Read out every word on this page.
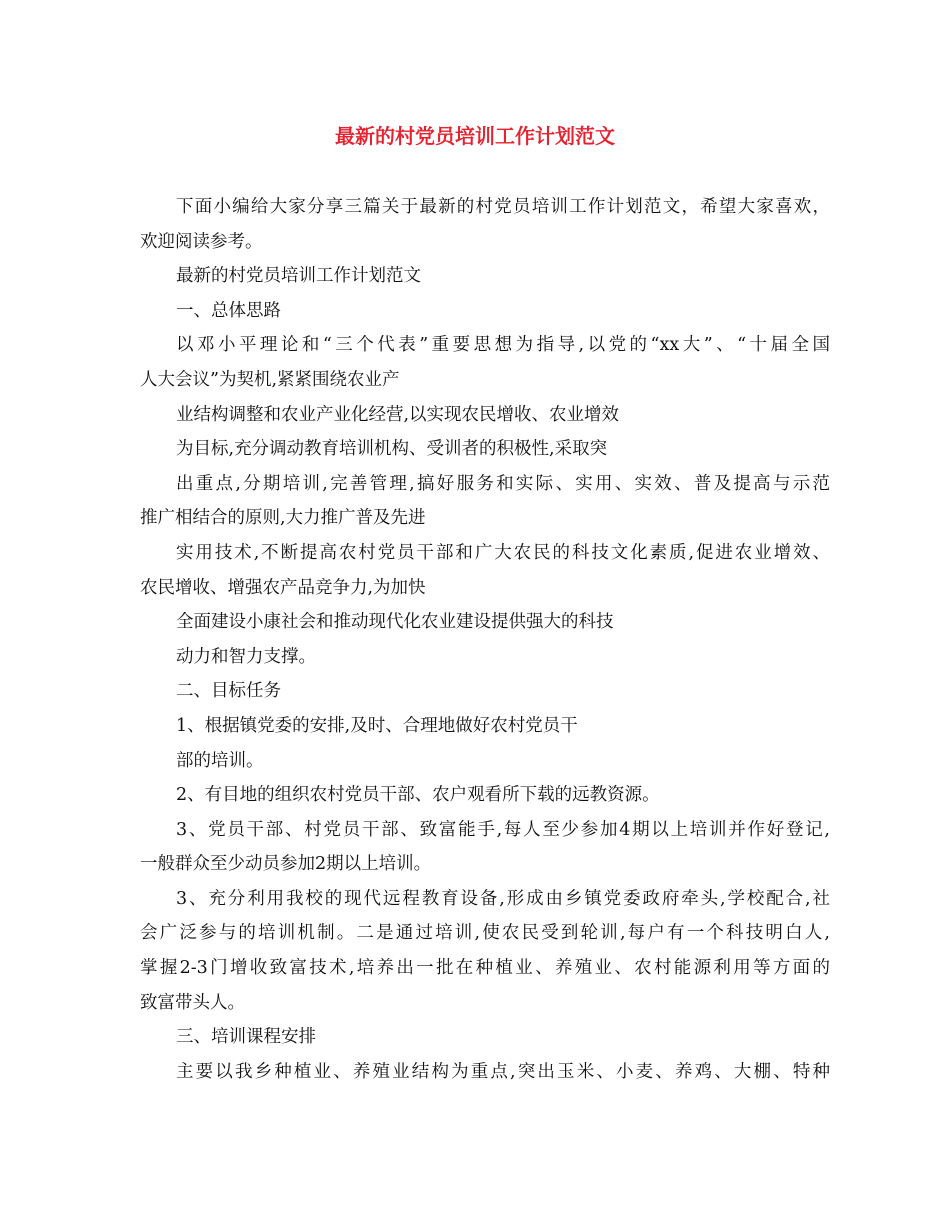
最新的村党员培训工作计划范文
下面小编给大家分享三篇关于最新的村党员培训工作计划范文，希望大家喜欢，
欢迎阅读参考。
最新的村党员培训工作计划范文
一、总体思路
以邓小平理论和“三个代表”重要思想为指导,以党的“xx大”、“十届全国
人大会议”为契机,紧紧围绕农业产
业结构调整和农业产业化经营,以实现农民增收、农业增效
为目标,充分调动教育培训机构、受训者的积极性,采取突
出重点,分期培训,完善管理,搞好服务和实际、实用、实效、普及提高与示范
推广相结合的原则,大力推广普及先进
实用技术,不断提高农村党员干部和广大农民的科技文化素质,促进农业增效、
农民增收、增强农产品竞争力,为加快
全面建设小康社会和推动现代化农业建设提供强大的科技
动力和智力支撑。
二、目标任务
1、根据镇党委的安排,及时、合理地做好农村党员干
部的培训。
2、有目地的组织农村党员干部、农户观看所下载的远教资源。
3、党员干部、村党员干部、致富能手,每人至少参加4期以上培训并作好登记,
一般群众至少动员参加2期以上培训。
3、充分利用我校的现代远程教育设备,形成由乡镇党委政府牵头,学校配合,社
会广泛参与的培训机制。二是通过培训,使农民受到轮训,每户有一个科技明白人,
掌握2-3门增收致富技术,培养出一批在种植业、养殖业、农村能源利用等方面的
致富带头人。
三、培训课程安排
主要以我乡种植业、养殖业结构为重点,突出玉米、小麦、养鸡、大棚、特种
